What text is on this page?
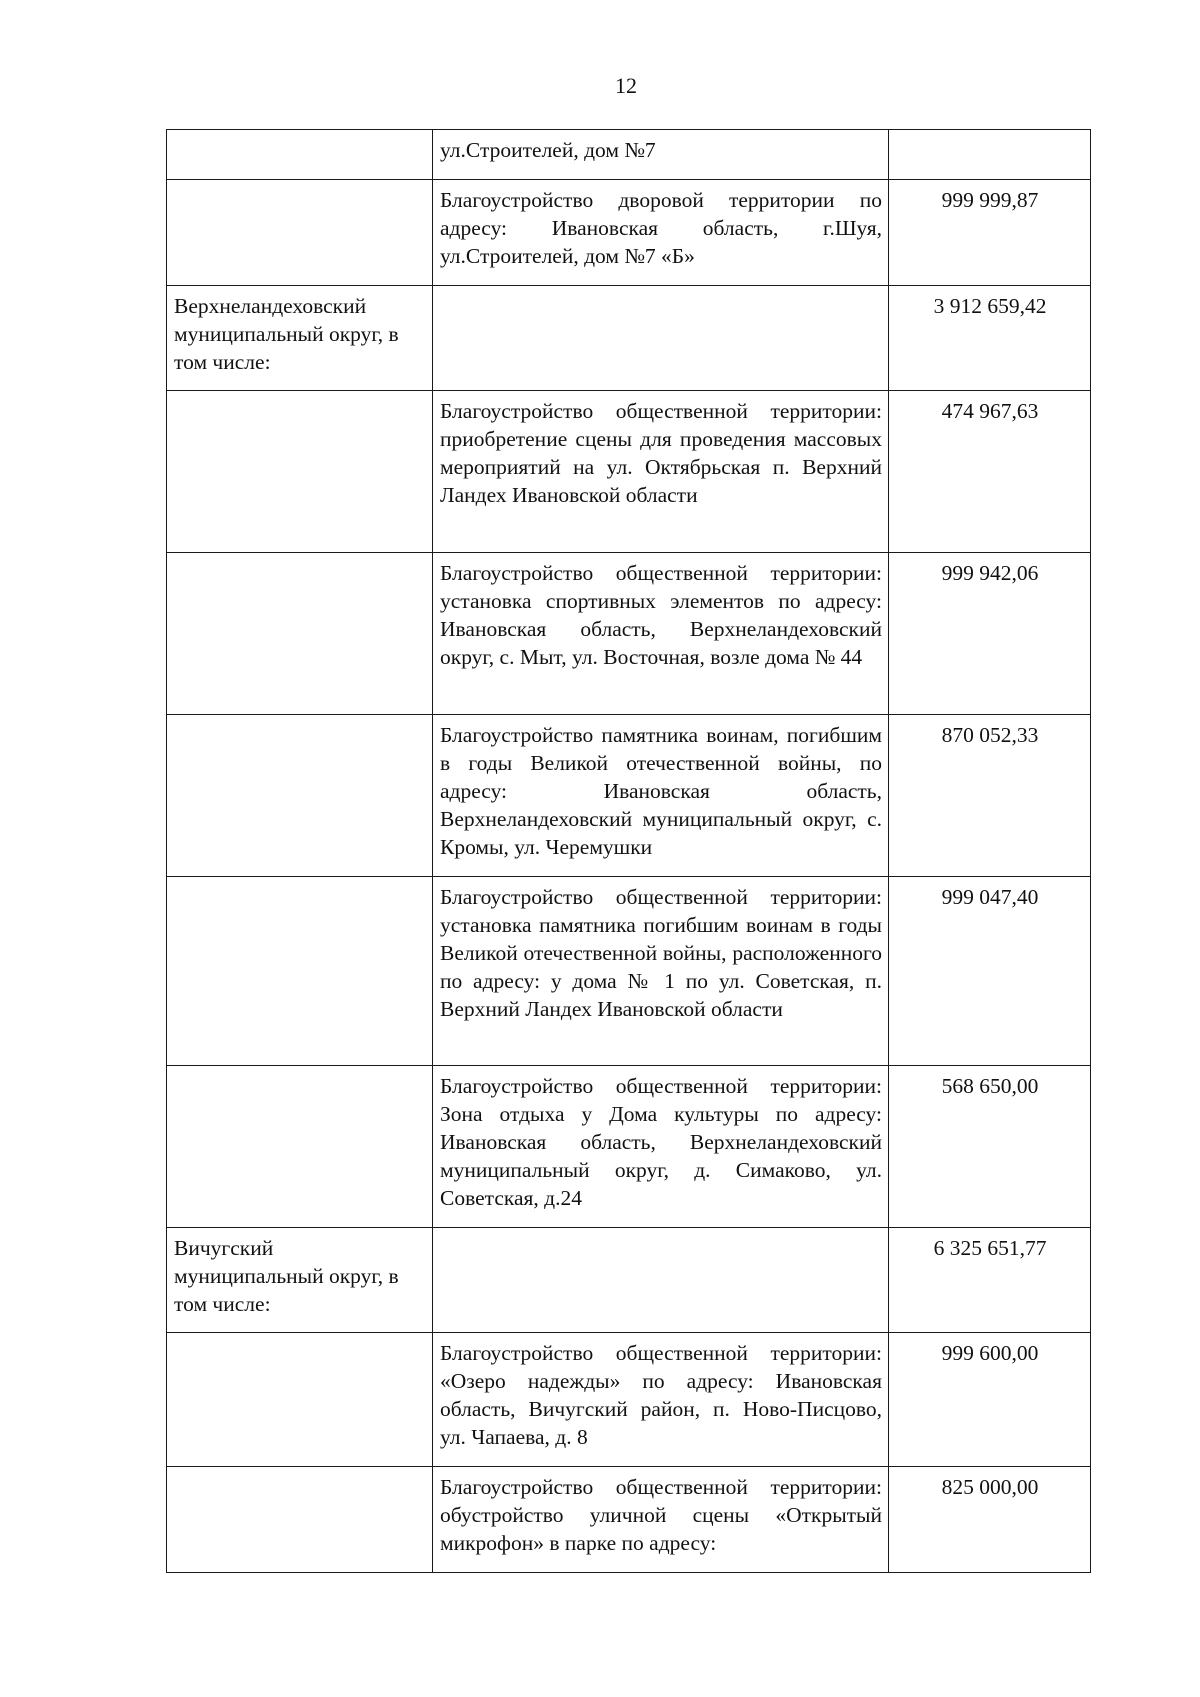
12

	ул.Строителей, дом №7	

	Благоустройство дворовой территории по адресу: Ивановская область, г.Шуя, ул.Строителей, дом №7 «Б»	999 999,87

Верхнеландеховский муниципальный округ, в том числе:		3 912 659,42

	Благоустройство общественной территории: приобретение сцены для проведения массовых мероприятий на ул. Октябрьская п. Верхний Ландех Ивановской области	474 967,63

	Благоустройство общественной территории: установка спортивных элементов по адресу: Ивановская область, Верхнеландеховский округ, с. Мыт, ул. Восточная, возле дома № 44	999 942,06

	Благоустройство памятника воинам, погибшим в годы Великой отечественной войны, по адресу: Ивановская область, Верхнеландеховский муниципальный округ, с. Кромы, ул. Черемушки	870 052,33

	Благоустройство общественной территории: установка памятника погибшим воинам в годы Великой отечественной войны, расположенного по адресу: у дома № 1 по ул. Советская, п. Верхний Ландех Ивановской области	999 047,40

	Благоустройство общественной территории: Зона отдыха у Дома культуры по адресу: Ивановская область, Верхнеландеховский муниципальный округ, д. Симаково, ул. Советская, д.24	568 650,00

Вичугский муниципальный округ, в том числе:		6 325 651,77

	Благоустройство общественной территории: «Озеро надежды» по адресу: Ивановская область, Вичугский район, п. Ново-Писцово, ул. Чапаева, д. 8	999 600,00

	Благоустройство общественной территории: обустройство уличной сцены «Открытый микрофон» в парке по адресу:	825 000,00
